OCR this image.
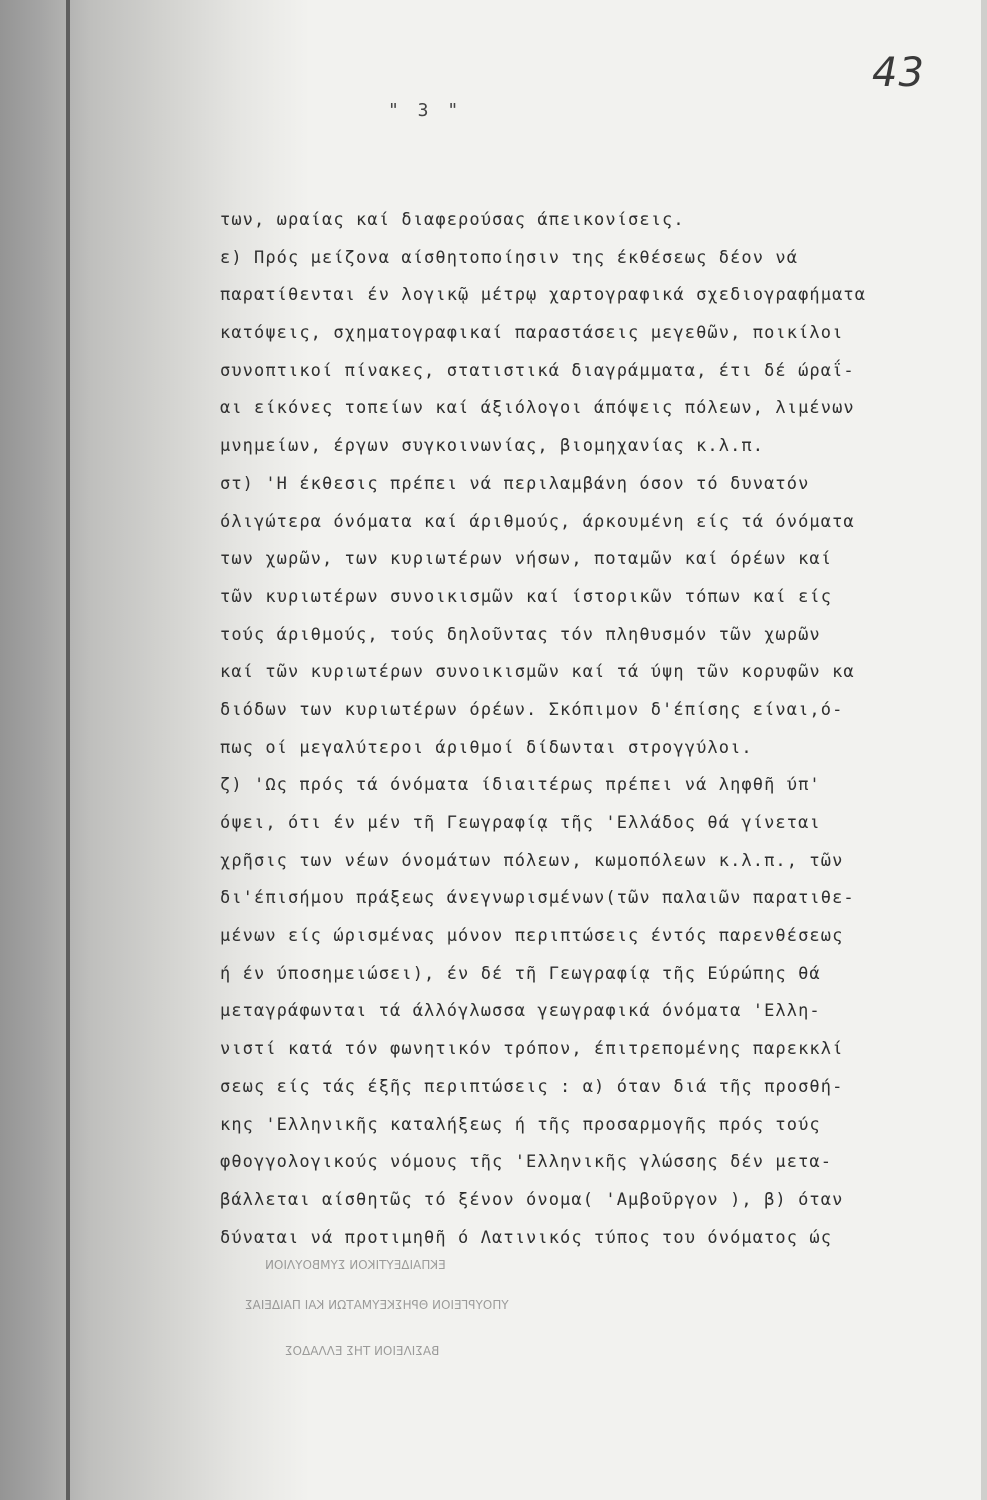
43
" 3 "
ΕΚΠΑΙΔΕΥΤΙΚΟΝ ΣΥΜΒΟΥΛΙΟΝ
ΥΠΟΥΡΓΕΙΟΝ ΘΡΗΣΚΕΥΜΑΤΩΝ ΚΑΙ ΠΑΙΔΕΙΑΣ
ΒΑΣΙΛΕΙΟΝ ΤΗΣ ΕΛΛΑΔΟΣ
των, ωραίας καί διαφερούσας άπεικονίσεις.
ε) Πρός μείζονα αίσθητοποίησιν της έκθέσεως δέον νά
παρατίθενται έν λογικῷ μέτρῳ χαρτογραφικά σχεδιογραφήματα
κατόψεις, σχηματογραφικαί παραστάσεις μεγεθῶν, ποικίλοι
συνοπτικοί πίνακες, στατιστικά διαγράμματα, έτι δέ ώραΐ-
αι είκόνες τοπείων καί άξιόλογοι άπόψεις πόλεων, λιμένων
μνημείων, έργων συγκοινωνίας, βιομηχανίας κ.λ.π.
στ) 'Η έκθεσις πρέπει νά περιλαμβάνη όσον τό δυνατόν
όλιγώτερα όνόματα καί άριθμούς, άρκουμένη είς τά όνόματα
των χωρῶν, των κυριωτέρων νήσων, ποταμῶν καί όρέων καί
τῶν κυριωτέρων συνοικισμῶν καί ίστορικῶν τόπων καί είς
τούς άριθμούς, τούς δηλοῦντας τόν πληθυσμόν τῶν χωρῶν
καί τῶν κυριωτέρων συνοικισμῶν καί τά ύψη τῶν κορυφῶν κα
διόδων των κυριωτέρων όρέων. Σκόπιμον δ'έπίσης είναι,ό-
πως οί μεγαλύτεροι άριθμοί δίδωνται στρογγύλοι.
ζ) 'Ως πρός τά όνόματα ίδιαιτέρως πρέπει νά ληφθῆ ύπ'
όψει, ότι έν μέν τῆ Γεωγραφίᾳ τῆς 'Ελλάδος θά γίνεται
χρῆσις των νέων όνομάτων πόλεων, κωμοπόλεων κ.λ.π., τῶν
δι'έπισήμου πράξεως άνεγνωρισμένων(τῶν παλαιῶν παρατιθε-
μένων είς ώρισμένας μόνον περιπτώσεις έντός παρενθέσεως
ή έν ύποσημειώσει), έν δέ τῆ Γεωγραφίᾳ τῆς Εύρώπης θά
μεταγράφωνται τά άλλόγλωσσα γεωγραφικά όνόματα 'Ελλη-
νιστί κατά τόν φωνητικόν τρόπον, έπιτρεπομένης παρεκκλί
σεως είς τάς έξῆς περιπτώσεις : α) όταν διά τῆς προσθή-
κης 'Ελληνικῆς καταλήξεως ή τῆς προσαρμογῆς πρός τούς
φθογγολογικούς νόμους τῆς 'Ελληνικῆς γλώσσης δέν μετα-
βάλλεται αίσθητῶς τό ξένον όνομα( 'Αμβοῦργον ), β) όταν
δύναται νά προτιμηθῆ ό Λατινικός τύπος του όνόματος ώς
